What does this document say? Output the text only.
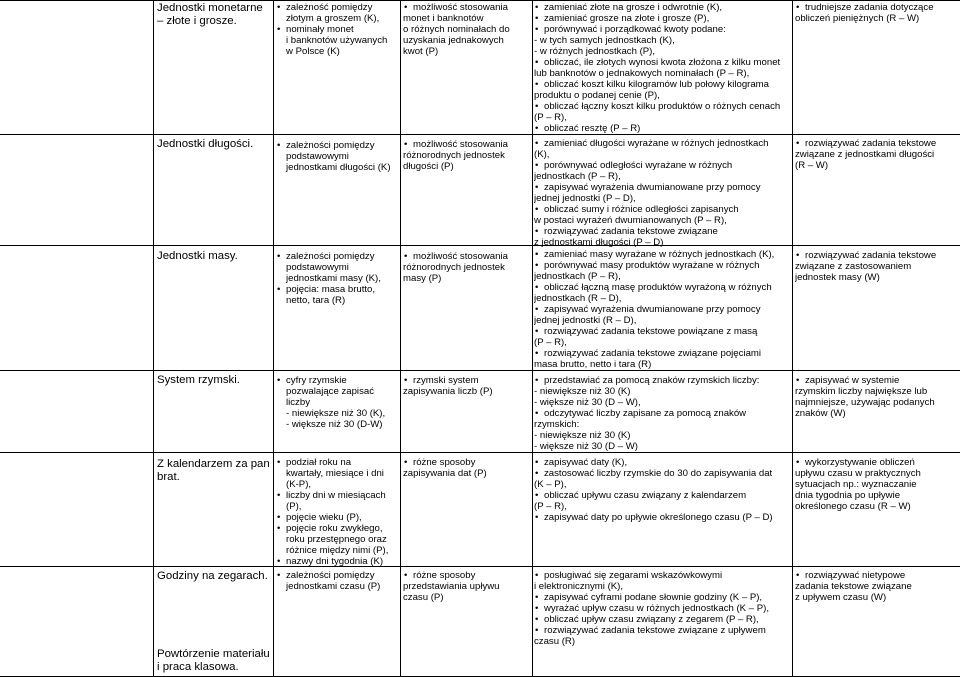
Jednostki monetarne – złote i grosze.
Jednostki długości.
Jednostki masy.
System rzymski.
Z kalendarzem za pan brat.
Godziny na zegarach.
Powtórzenie materiału i praca klasowa.
• zależność pomiędzy
złotym a groszem (K),
• nominały monet
i banknotów używanych
w Polsce (K)
• zależności pomiędzy
podstawowymi
jednostkami długości (K)
• zależności pomiędzy
podstawowymi
jednostkami masy (K),
• pojęcia: masa brutto,
netto, tara (R)
• cyfry rzymskie
pozwalające zapisać
liczby
- niewiększe niż 30 (K),
- większe niż 30 (D-W)
• podział roku na
kwartały, miesiące i dni
(K-P),
• liczby dni w miesiącach
(P),
• pojęcie wieku (P),
• pojęcie roku zwykłego,
roku przestępnego oraz
różnice między nimi (P),
• nazwy dni tygodnia (K)
• zależności pomiędzy
jednostkami czasu (P)
• możliwość stosowania
monet i banknotów
o różnych nominałach do
uzyskania jednakowych
kwot (P)
• możliwość stosowania
różnorodnych jednostek
długości (P)
• możliwość stosowania
różnorodnych jednostek
masy (P)
• rzymski system
zapisywania liczb (P)
• różne sposoby
zapisywania dat (P)
• różne sposoby
przedstawiania upływu
czasu (P)
• zamieniać złote na grosze i odwrotnie (K),
• zamieniać grosze na złote i grosze (P),
• porównywać i porządkować kwoty podane:
- w tych samych jednostkach (K),
- w różnych jednostkach (P),
• obliczać, ile złotych wynosi kwota złożona z kilku monet
lub banknotów o jednakowych nominałach (P – R),
• obliczać koszt kilku kilogramów lub połowy kilograma
produktu o podanej cenie (P),
• obliczać łączny koszt kilku produktów o różnych cenach
(P – R),
• obliczać resztę (P – R)
• zamieniać długości wyrażane w różnych jednostkach
(K),
• porównywać odległości wyrażane w różnych
jednostkach (P – R),
• zapisywać wyrażenia dwumianowane przy pomocy
jednej jednostki (P – D),
• obliczać sumy i różnice odległości zapisanych
w postaci wyrażeń dwumianowanych (P – R),
• rozwiązywać zadania tekstowe związane
z jednostkami długości (P – D)
• zamieniać masy wyrażane w różnych jednostkach (K),
• porównywać masy produktów wyrażane w różnych
jednostkach (P – R),
• obliczać łączną masę produktów wyrażoną w różnych
jednostkach (R – D),
• zapisywać wyrażenia dwumianowane przy pomocy
jednej jednostki (R – D),
• rozwiązywać zadania tekstowe powiązane z masą
(P – R),
• rozwiązywać zadania tekstowe związane pojęciami
masa brutto, netto i tara (R)
• przedstawiać za pomocą znaków rzymskich liczby:
- niewiększe niż 30 (K)
- większe niż 30 (D – W),
• odczytywać liczby zapisane za pomocą znaków
rzymskich:
- niewiększe niż 30 (K)
- większe niż 30 (D – W)
• zapisywać daty (K),
• zastosować liczby rzymskie do 30 do zapisywania dat
(K – P),
• obliczać upływu czasu związany z kalendarzem
(P – R),
• zapisywać daty po upływie określonego czasu (P – D)
• posługiwać się zegarami wskazówkowymi
i elektronicznymi (K),
• zapisywać cyframi podane słownie godziny (K – P),
• wyrażać upływ czasu w różnych jednostkach (K – P),
• obliczać upływ czasu związany z zegarem (P – R),
• rozwiązywać zadania tekstowe związane z upływem
czasu (R)
• trudniejsze zadania dotyczące
obliczeń pieniężnych (R – W)
• rozwiązywać zadania tekstowe
związane z jednostkami długości
(R – W)
• rozwiązywać zadania tekstowe
związane z zastosowaniem
jednostek masy (W)
• zapisywać w systemie
rzymskim liczby największe lub
najmniejsze, używając podanych
znaków (W)
• wykorzystywanie obliczeń
upływu czasu w praktycznych
sytuacjach np.: wyznaczanie
dnia tygodnia po upływie
określonego czasu (R – W)
• rozwiązywać nietypowe
zadania tekstowe związane
z upływem czasu (W)
